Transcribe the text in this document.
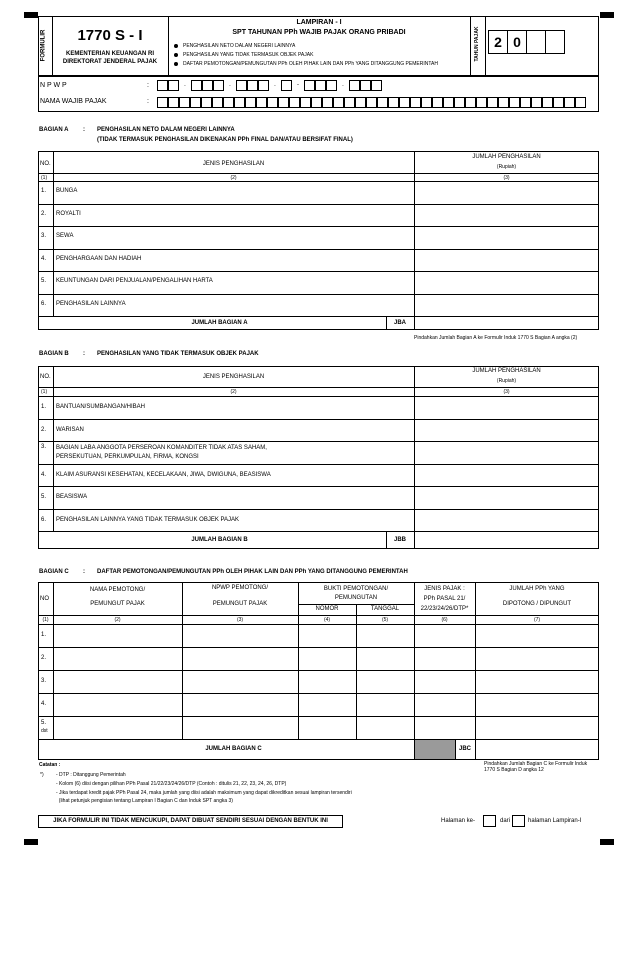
FORMULIR	1770 S - I
KEMENTERIAN KEUANGAN RI
DIREKTORAT JENDERAL PAJAK
LAMPIRAN - I
SPT TAHUNAN PPh WAJIB PAJAK ORANG PRIBADI
PENGHASILAN NETO DALAM NEGERI LAINNYA
PENGHASILAN YANG TIDAK TERMASUK OBJEK PAJAK
DAFTAR PEMOTONGAN/PEMUNGUTAN PPh OLEH PIHAK LAIN DAN PPh YANG DITANGGUNG PEMERINTAH
TAHUN PAJAK	2 0
N P W P	:
NAMA WAJIB PAJAK	:
.	.	.	-	.
BAGIAN A : PENGHASILAN NETO DALAM NEGERI LAINNYA
(TIDAK TERMASUK PENGHASILAN DIKENAKAN PPh FINAL DAN/ATAU BERSIFAT FINAL)
NO.	JENIS PENGHASILAN
JUMLAH PENGHASILAN
(Rupiah)
(1)	(2)	(3)
1. BUNGA
2. ROYALTI
3. SEWA
4. PENGHARGAAN DAN HADIAH
5. KEUNTUNGAN DARI PENJUALAN/PENGALIHAN HARTA
6. PENGHASILAN LAINNYA
JUMLAH BAGIAN A	JBA
Pindahkan Jumlah Bagian A ke Formulir Induk 1770 S Bagian A angka (2)
BAGIAN B : PENGHASILAN YANG TIDAK TERMASUK OBJEK PAJAK
NO.	JENIS PENGHASILAN
JUMLAH PENGHASILAN
(Rupiah)
(1)	(2)	(3)
1. BANTUAN/SUMBANGAN/HIBAH
2. WARISAN
3. BAGIAN LABA ANGGOTA PERSEROAN KOMANDITER TIDAK ATAS SAHAM,
PERSEKUTUAN, PERKUMPULAN, FIRMA, KONGSI
4. KLAIM ASURANSI KESEHATAN, KECELAKAAN, JIWA, DWIGUNA, BEASISWA
5. BEASISWA
6. PENGHASILAN LAINNYA YANG TIDAK TERMASUK OBJEK PAJAK
JUMLAH BAGIAN B	JBB
BAGIAN C : DAFTAR PEMOTONGAN/PEMUNGUTAN PPh OLEH PIHAK LAIN DAN PPh YANG DITANGGUNG PEMERINTAH
NO
NAMA PEMOTONG/
PEMUNGUT PAJAK
NPWP PEMOTONG/
PEMUNGUT PAJAK
BUKTI PEMOTONGAN/
PEMUNGUTAN
NOMOR	TANGGAL
JENIS PAJAK :
PPh PASAL 21/
22/23/24/26/DTP*
JUMLAH PPh YANG
DIPOTONG / DIPUNGUT
(1)	(2)	(3)	(4)	(5)	(6)	(7)
1.
2.
3.
4.
5.
dst
JUMLAH BAGIAN C	JBC
Pindahkan Jumlah Bagian C ke Formulir Induk 1770 S Bagian D angka 12
Catatan :
*) - DTP : Ditanggung Pemerintah
- Kolom (6) diisi dengan pilihan PPh Pasal 21/22/23/24/26/DTP (Contoh : ditulis 21, 22, 23, 24, 26, DTP)
- Jika terdapat kredit pajak PPh Pasal 24, maka jumlah yang diisi adalah maksimum yang dapat dikreditkan sesuai lampiran tersendiri
(lihat petunjuk pengisian tentang Lampiran I Bagian C dan Induk SPT angka 3)
JIKA FORMULIR INI TIDAK MENCUKUPI, DAPAT DIBUAT SENDIRI SESUAI DENGAN BENTUK INI	Halaman ke-	dari	halaman Lampiran-I
